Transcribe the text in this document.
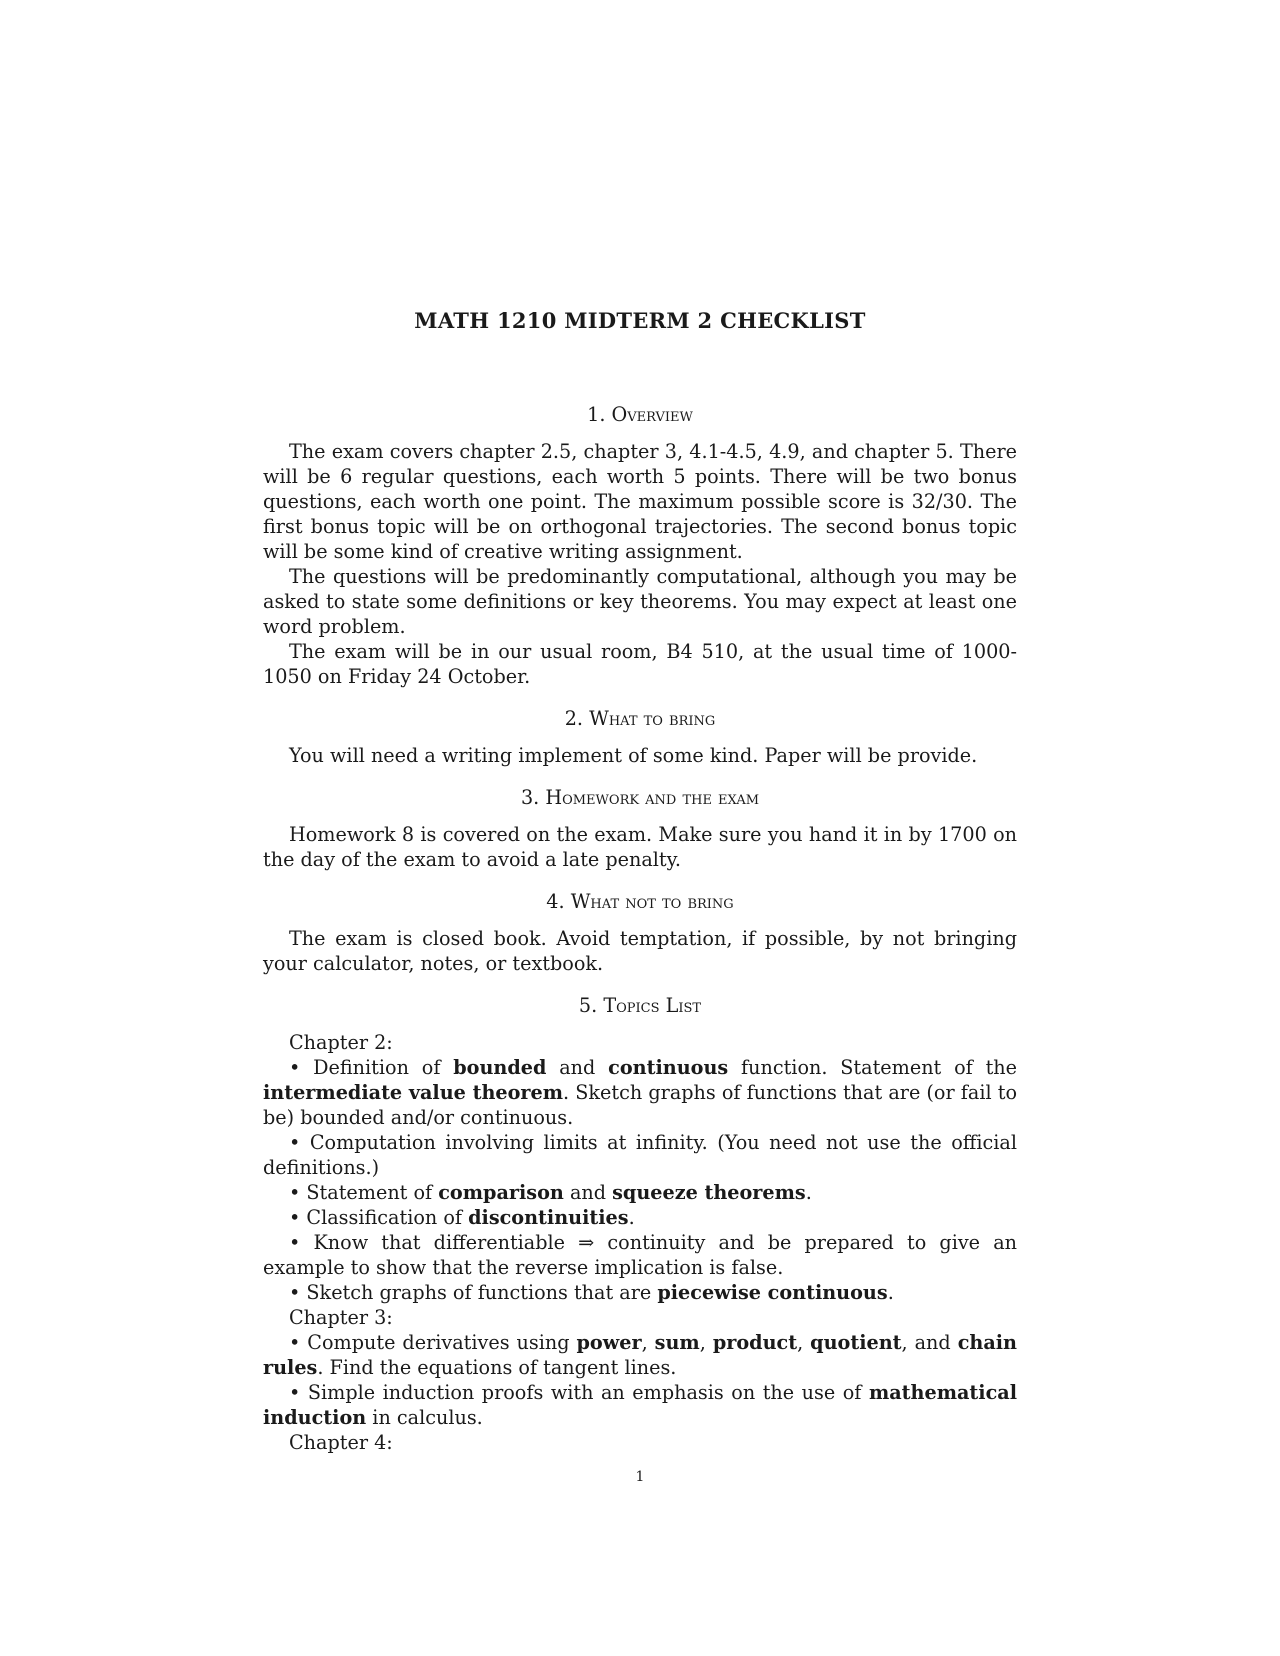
MATH 1210 MIDTERM 2 CHECKLIST
1. Overview

The exam covers chapter 2.5, chapter 3, 4.1-4.5, 4.9, and chapter 5. There will be 6 regular questions, each worth 5 points. There will be two bonus questions, each worth one point. The maximum possible score is 32/30. The first bonus topic will be on orthogonal trajectories. The second bonus topic will be some kind of creative writing assignment.

The questions will be predominantly computational, although you may be asked to state some definitions or key theorems. You may expect at least one word problem.

The exam will be in our usual room, B4 510, at the usual time of 1000-1050 on Friday 24 October.

2. What to bring

You will need a writing implement of some kind. Paper will be provide.

3. Homework and the exam

Homework 8 is covered on the exam. Make sure you hand it in by 1700 on the day of the exam to avoid a late penalty.

4. What not to bring

The exam is closed book. Avoid temptation, if possible, by not bringing your calculator, notes, or textbook.

5. Topics List

Chapter 2:

• Definition of bounded and continuous function. Statement of the intermediate value theorem. Sketch graphs of functions that are (or fail to be) bounded and/or continuous.

• Computation involving limits at infinity. (You need not use the official definitions.)

• Statement of comparison and squeeze theorems.

• Classification of discontinuities.

• Know that differentiable ⇒ continuity and be prepared to give an example to show that the reverse implication is false.

• Sketch graphs of functions that are piecewise continuous.

Chapter 3:

• Compute derivatives using power, sum, product, quotient, and chain rules. Find the equations of tangent lines.

• Simple induction proofs with an emphasis on the use of mathematical induction in calculus.

Chapter 4:

1
